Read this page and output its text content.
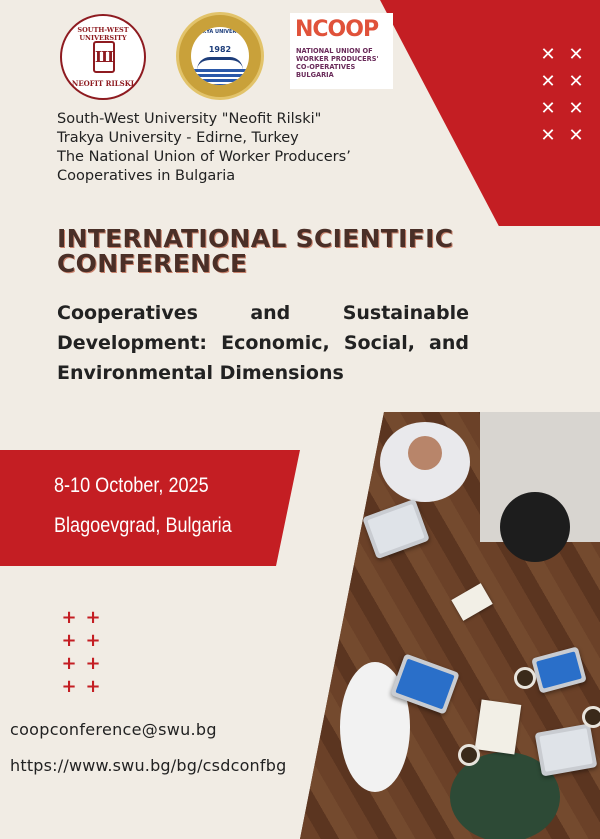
✕ ✕
✕ ✕
✕ ✕
✕ ✕
SOUTH-WEST UNIVERSITY
Ш
NEOFIT RILSKI
TRAKYA UNIVERSITY
1982
NCOOP
NATIONAL UNION OF
WORKER PRODUCERS'
CO-OPERATIVES
BULGARIA
South-West University "Neofit Rilski"
Trakya University - Edirne, Turkey
The National Union of Worker Producers’
Cooperatives in Bulgaria
INTERNATIONAL SCIENTIFIC
CONFERENCE
Cooperatives and Sustainable Development: Economic, Social, and Environmental Dimensions
8-10 October, 2025
Blagoevgrad, Bulgaria
+ +
+ +
+ +
+ +
coopconference@swu.bg
https://www.swu.bg/bg/csdconfbg
